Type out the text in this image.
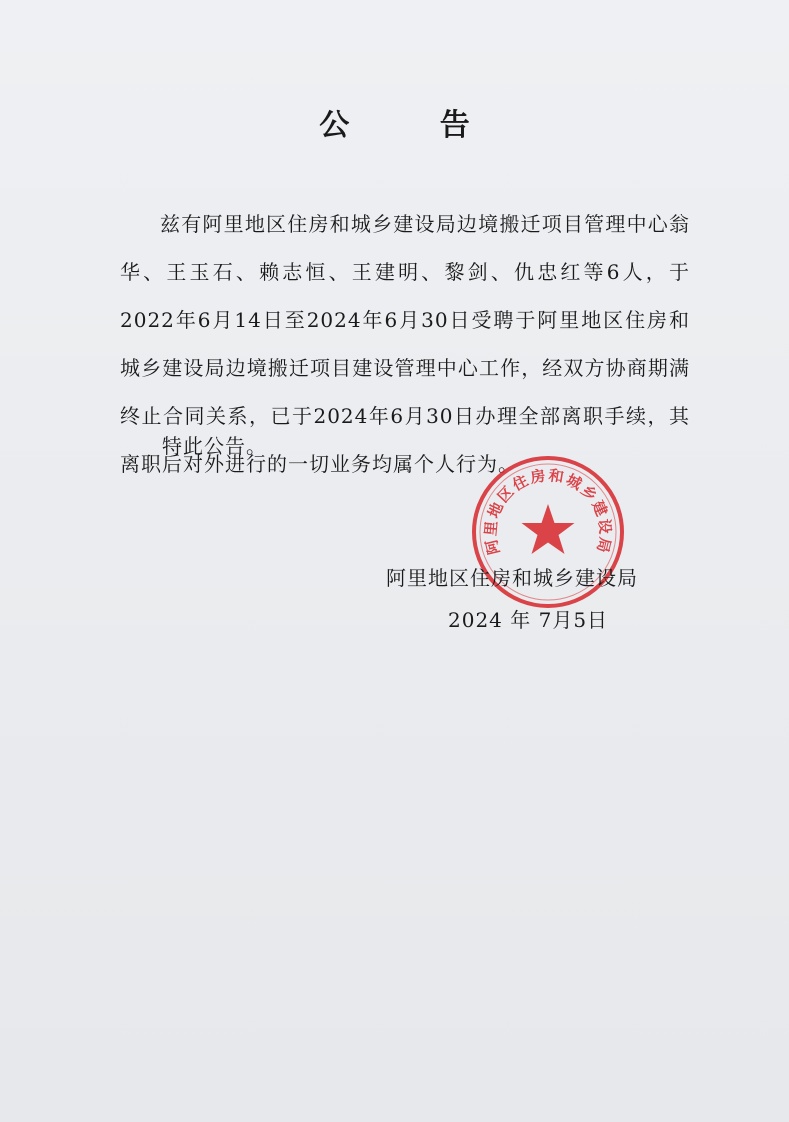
公 告

兹有阿里地区住房和城乡建设局边境搬迁项目管理中心翁华、王玉石、赖志恒、王建明、黎剑、仇忠红等6人，于2022年6月14日至2024年6月30日受聘于阿里地区住房和城乡建设局边境搬迁项目建设管理中心工作，经双方协商期满终止合同关系，已于2024年6月30日办理全部离职手续，其离职后对外进行的一切业务均属个人行为。

特此公告。
阿里地区住房和城乡建设局
阿里地区住房和城乡建设局
2024 年 7月5日
